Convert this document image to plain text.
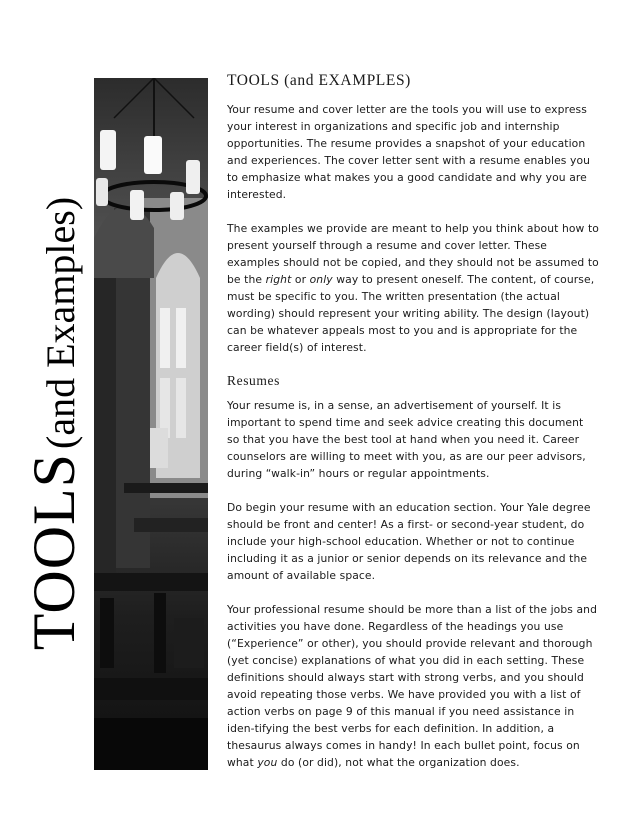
TOOLS (and Examples)
TOOLS (and EXAMPLES)

Your resume and cover letter are the tools you will use to express your interest in organizations and specific job and internship opportunities. The resume provides a snapshot of your education and experiences. The cover letter sent with a resume enables you to emphasize what makes you a good candidate and why you are interested.

The examples we provide are meant to help you think about how to present yourself through a resume and cover letter. These examples should not be copied, and they should not be assumed to be the right or only way to present oneself. The content, of course, must be specific to you. The written presentation (the actual wording) should represent your writing ability. The design (layout) can be whatever appeals most to you and is appropriate for the career field(s) of interest.

Resumes

Your resume is, in a sense, an advertisement of yourself. It is important to spend time and seek advice creating this document so that you have the best tool at hand when you need it. Career counselors are willing to meet with you, as are our peer advisors, during “walk-in” hours or regular appointments.

Do begin your resume with an education section. Your Yale degree should be front and center! As a first- or second-year student, do include your high-school education. Whether or not to continue including it as a junior or senior depends on its relevance and the amount of available space.

Your professional resume should be more than a list of the jobs and activities you have done. Regardless of the headings you use (“Experience” or other), you should provide relevant and thorough (yet concise) explanations of what you did in each setting. These definitions should always start with strong verbs, and you should avoid repeating those verbs. We have provided you with a list of action verbs on page 9 of this manual if you need assistance in iden-tifying the best verbs for each definition. In addition, a thesaurus always comes in handy! In each bullet point, focus on what you do (or did), not what the organization does.
